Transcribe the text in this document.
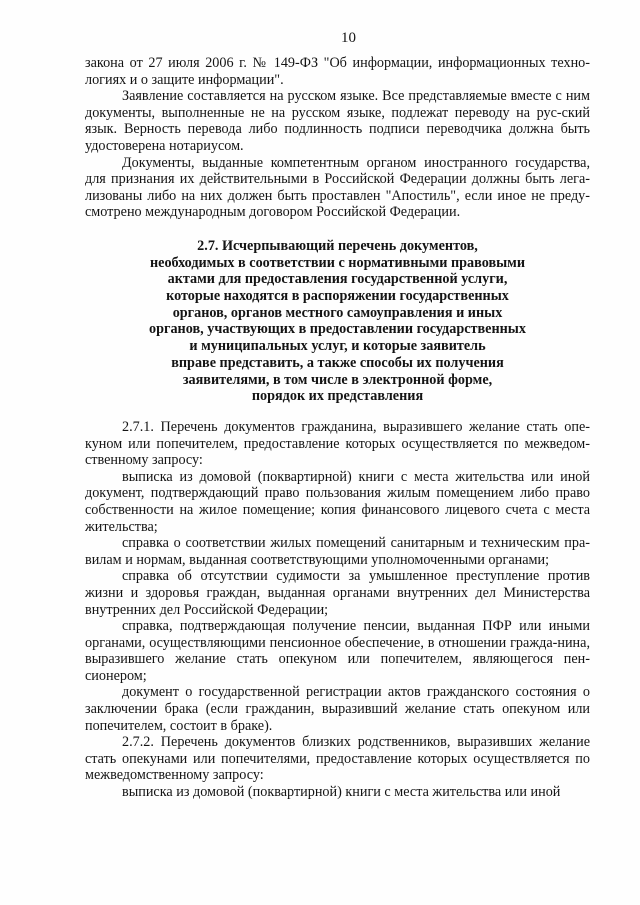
10

закона от 27 июля 2006 г. № 149-ФЗ "Об информации, информационных техно-логиях и о защите информации".

Заявление составляется на русском языке. Все представляемые вместе с ним документы, выполненные не на русском языке, подлежат переводу на рус-ский язык. Верность перевода либо подлинность подписи переводчика должна быть удостоверена нотариусом.

Документы, выданные компетентным органом иностранного государства, для признания их действительными в Российской Федерации должны быть лега-лизованы либо на них должен быть проставлен "Апостиль", если иное не преду-смотрено международным договором Российской Федерации.

2.7. Исчерпывающий перечень документов,
необходимых в соответствии с нормативными правовыми
актами для предоставления государственной услуги,
которые находятся в распоряжении государственных
органов, органов местного самоуправления и иных
органов, участвующих в предоставлении государственных
и муниципальных услуг, и которые заявитель
вправе представить, а также способы их получения
заявителями, в том числе в электронной форме,
порядок их представления

2.7.1. Перечень документов гражданина, выразившего желание стать опе-куном или попечителем, предоставление которых осуществляется по межведом-ственному запросу:

выписка из домовой (поквартирной) книги с места жительства или иной документ, подтверждающий право пользования жилым помещением либо право собственности на жилое помещение; копия финансового лицевого счета с места жительства;

справка о соответствии жилых помещений санитарным и техническим пра-вилам и нормам, выданная соответствующими уполномоченными органами;

справка об отсутствии судимости за умышленное преступление против жизни и здоровья граждан, выданная органами внутренних дел Министерства внутренних дел Российской Федерации;

справка, подтверждающая получение пенсии, выданная ПФР или иными органами, осуществляющими пенсионное обеспечение, в отношении гражда-нина, выразившего желание стать опекуном или попечителем, являющегося пен-сионером;

документ о государственной регистрации актов гражданского состояния о заключении брака (если гражданин, выразивший желание стать опекуном или попечителем, состоит в браке).

2.7.2. Перечень документов близких родственников, выразивших желание стать опекунами или попечителями, предоставление которых осуществляется по межведомственному запросу:

выписка из домовой (поквартирной) книги с места жительства или иной
